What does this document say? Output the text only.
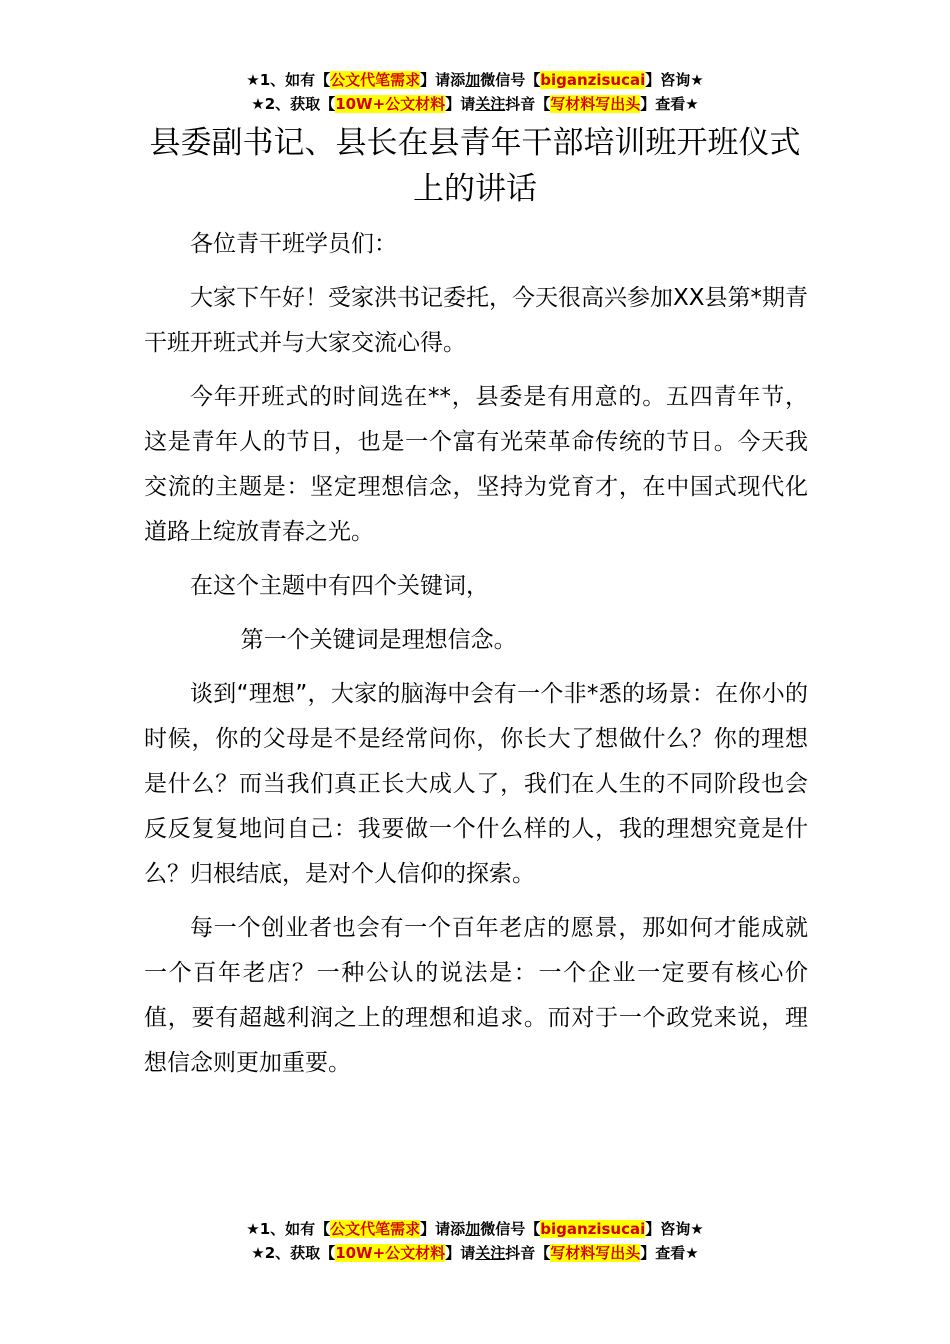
★1、如有【公文代笔需求】请添加微信号【biganzisucai】咨询★
★2、获取【10W+公文材料】请关注抖音【写材料写出头】查看★
县委副书记、县长在县青年干部培训班开班仪式上的讲话

各位青干班学员们：

大家下午好！受家洪书记委托，今天很高兴参加XX县第*期青干班开班式并与大家交流心得。

今年开班式的时间选在**，县委是有用意的。五四青年节，这是青年人的节日，也是一个富有光荣革命传统的节日。今天我交流的主题是：坚定理想信念，坚持为党育才，在中国式现代化道路上绽放青春之光。

在这个主题中有四个关键词，

第一个关键词是理想信念。

谈到“理想”，大家的脑海中会有一个非*悉的场景：在你小的时候，你的父母是不是经常问你，你长大了想做什么？你的理想是什么？而当我们真正长大成人了，我们在人生的不同阶段也会反反复复地问自己：我要做一个什么样的人，我的理想究竟是什么？归根结底，是对个人信仰的探索。

每一个创业者也会有一个百年老店的愿景，那如何才能成就一个百年老店？一种公认的说法是：一个企业一定要有核心价值，要有超越利润之上的理想和追求。而对于一个政党来说，理想信念则更加重要。

★1、如有【公文代笔需求】请添加微信号【biganzisucai】咨询★
★2、获取【10W+公文材料】请关注抖音【写材料写出头】查看★
